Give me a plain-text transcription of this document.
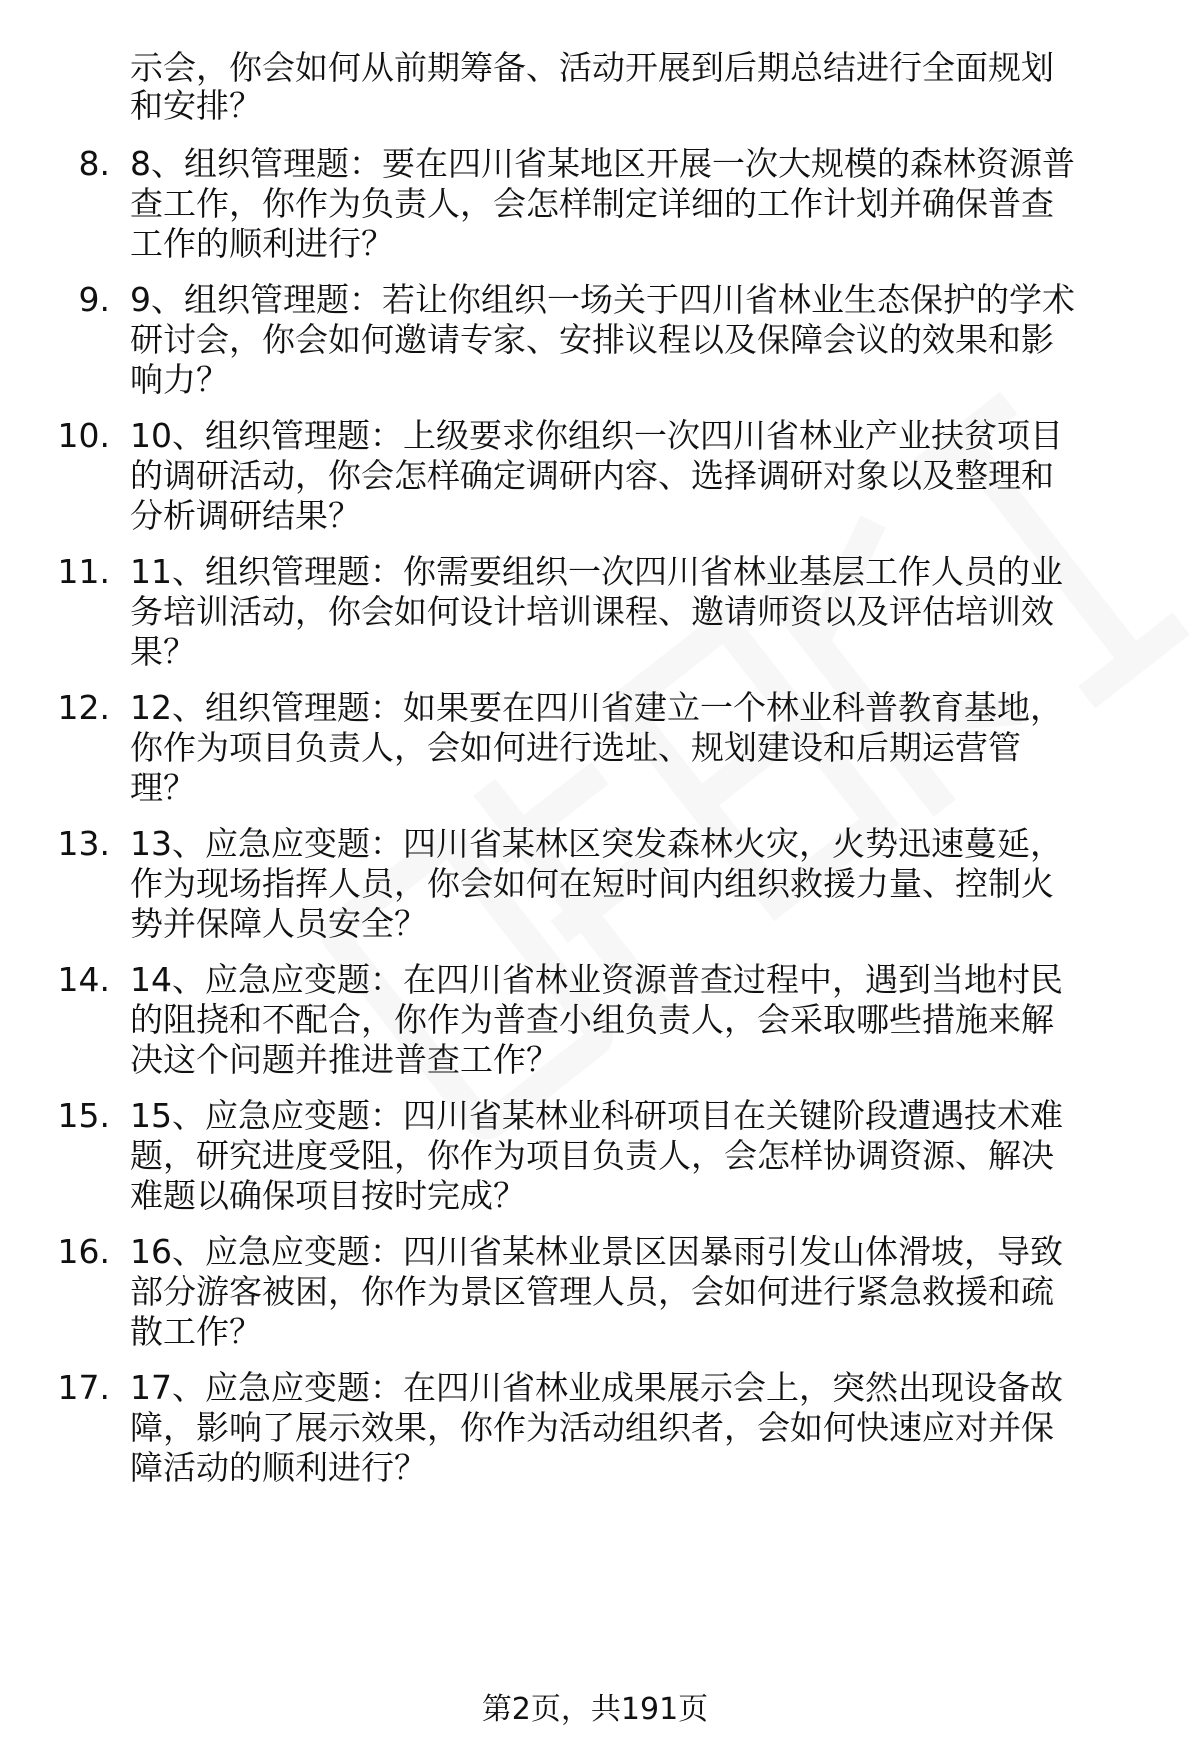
示会，你会如何从前期筹备、活动开展到后期总结进行全面规划
和安排？
8. 8、组织管理题：要在四川省某地区开展一次大规模的森林资源普
查工作，你作为负责人，会怎样制定详细的工作计划并确保普查
工作的顺利进行？
9. 9、组织管理题：若让你组织一场关于四川省林业生态保护的学术
研讨会，你会如何邀请专家、安排议程以及保障会议的效果和影
响力？
10. 10、组织管理题：上级要求你组织一次四川省林业产业扶贫项目
的调研活动，你会怎样确定调研内容、选择调研对象以及整理和
分析调研结果？
11. 11、组织管理题：你需要组织一次四川省林业基层工作人员的业
务培训活动，你会如何设计培训课程、邀请师资以及评估培训效
果？
12. 12、组织管理题：如果要在四川省建立一个林业科普教育基地，
你作为项目负责人，会如何进行选址、规划建设和后期运营管
理？
13. 13、应急应变题：四川省某林区突发森林火灾，火势迅速蔓延，
作为现场指挥人员，你会如何在短时间内组织救援力量、控制火
势并保障人员安全？
14. 14、应急应变题：在四川省林业资源普查过程中，遇到当地村民
的阻挠和不配合，你作为普查小组负责人，会采取哪些措施来解
决这个问题并推进普查工作？
15. 15、应急应变题：四川省某林业科研项目在关键阶段遭遇技术难
题，研究进度受阻，你作为项目负责人，会怎样协调资源、解决
难题以确保项目按时完成？
16. 16、应急应变题：四川省某林业景区因暴雨引发山体滑坡，导致
部分游客被困，你作为景区管理人员，会如何进行紧急救援和疏
散工作？
17. 17、应急应变题：在四川省林业成果展示会上，突然出现设备故
障，影响了展示效果，你作为活动组织者，会如何快速应对并保
障活动的顺利进行？
第2页，共191页
